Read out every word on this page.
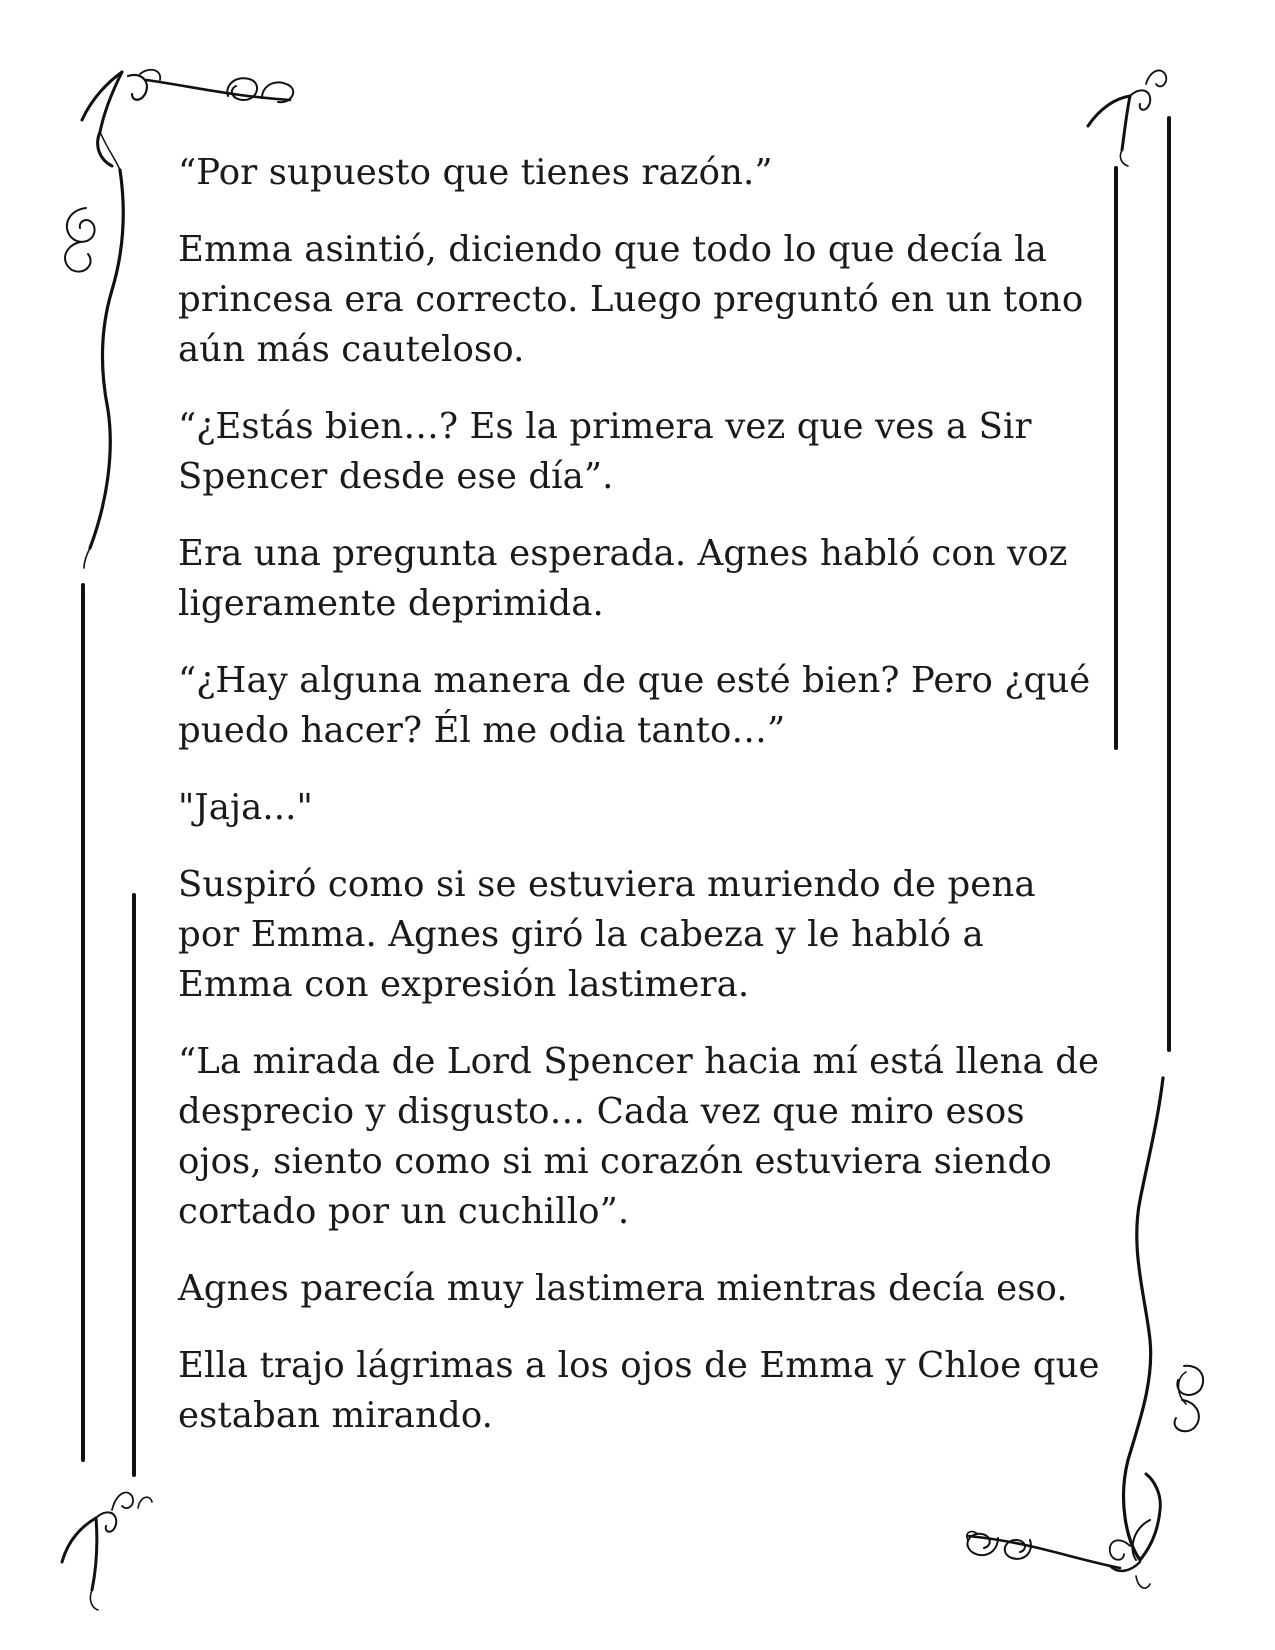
“Por supuesto que tienes razón.”

Emma asintió, diciendo que todo lo que decía la princesa era correcto. Luego preguntó en un tono aún más cauteloso.

“¿Estás bien…? Es la primera vez que ves a Sir Spencer desde ese día”.

Era una pregunta esperada. Agnes habló con voz ligeramente deprimida.

“¿Hay alguna manera de que esté bien? Pero ¿qué puedo hacer? Él me odia tanto…”

"Jaja..."

Suspiró como si se estuviera muriendo de pena por Emma. Agnes giró la cabeza y le habló a Emma con expresión lastimera.

“La mirada de Lord Spencer hacia mí está llena de desprecio y disgusto… Cada vez que miro esos ojos, siento como si mi corazón estuviera siendo cortado por un cuchillo”.

Agnes parecía muy lastimera mientras decía eso.

Ella trajo lágrimas a los ojos de Emma y Chloe que estaban mirando.
